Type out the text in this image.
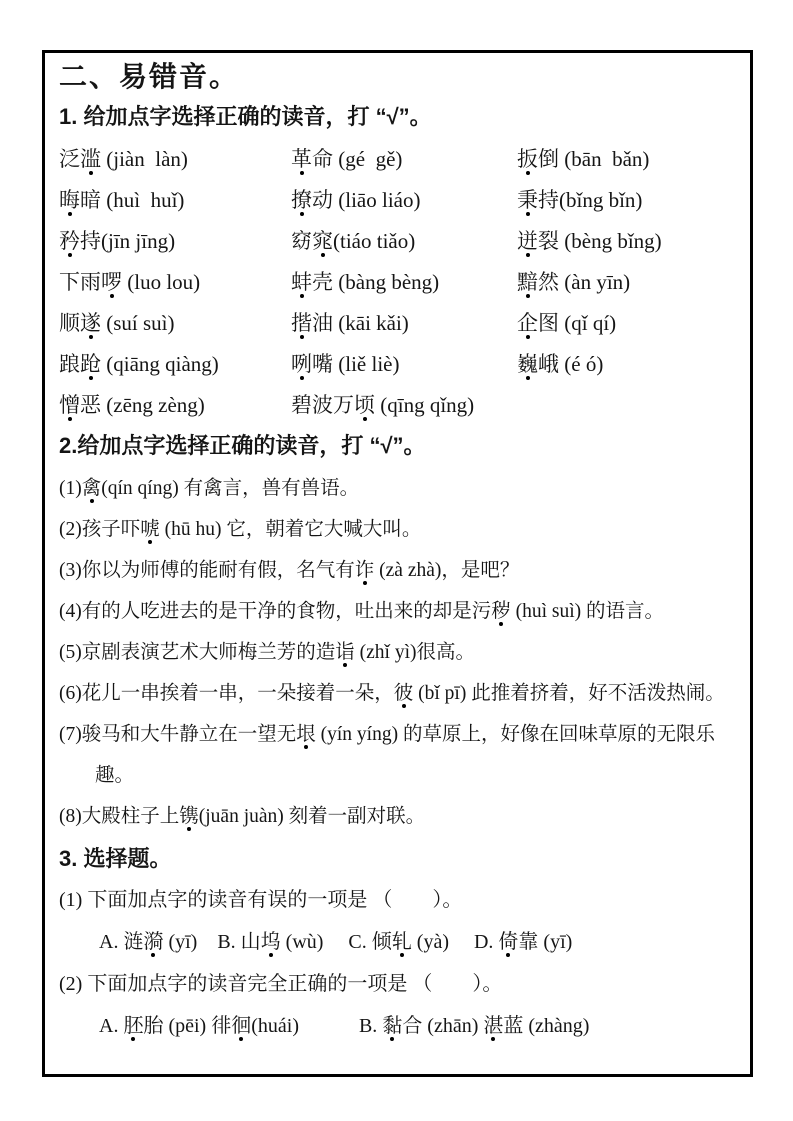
二、易错音。
1. 给加点字选择正确的读音，打 “√”。
泛滥 (jiàn  làn)	革命 (gé  gě)	扳倒 (bān  bǎn)
晦暗 (huì  huǐ)	撩动 (liāo liáo)	秉持(bǐng bǐn)
矜持(jīn jīng)	窈窕(tiáo tiǎo)	迸裂 (bèng bǐng)
下雨啰 (luo lou)	蚌壳 (bàng bèng)	黯然 (àn yīn)
顺遂 (suí suì)	揩油 (kāi kǎi)	企图 (qǐ qí)
踉跄 (qiāng qiàng)	咧嘴 (liě liè)	巍峨 (é ó)
憎恶 (zēng zèng)	碧波万顷 (qīng qǐng)
2.给加点字选择正确的读音，打 “√”。
(1)禽(qín qíng) 有禽言，兽有兽语。
(2)孩子吓唬 (hū hu) 它，朝着它大喊大叫。
(3)你以为师傅的能耐有假，名气有诈 (zà zhà)，是吧？
(4)有的人吃进去的是干净的食物，吐出来的却是污秽 (huì suì) 的语言。
(5)京剧表演艺术大师梅兰芳的造诣 (zhǐ yì)很高。
(6)花儿一串挨着一串，一朵接着一朵，彼 (bǐ pī) 此推着挤着，好不活泼热闹。
(7)骏马和大牛静立在一望无垠 (yín yíng) 的草原上，好像在回味草原的无限乐趣。
(8)大殿柱子上镌(juān juàn) 刻着一副对联。
3. 选择题。
(1) 下面加点字的读音有误的一项是 （　　）。
A. 涟漪 (yī)　B. 山坞 (wù)　 C. 倾轧 (yà)　 D. 倚靠 (yī)
(2) 下面加点字的读音完全正确的一项是 （　　）。
A. 胚胎 (pēi) 徘徊(huái)　　　B. 黏合 (zhān) 湛蓝 (zhàng)
